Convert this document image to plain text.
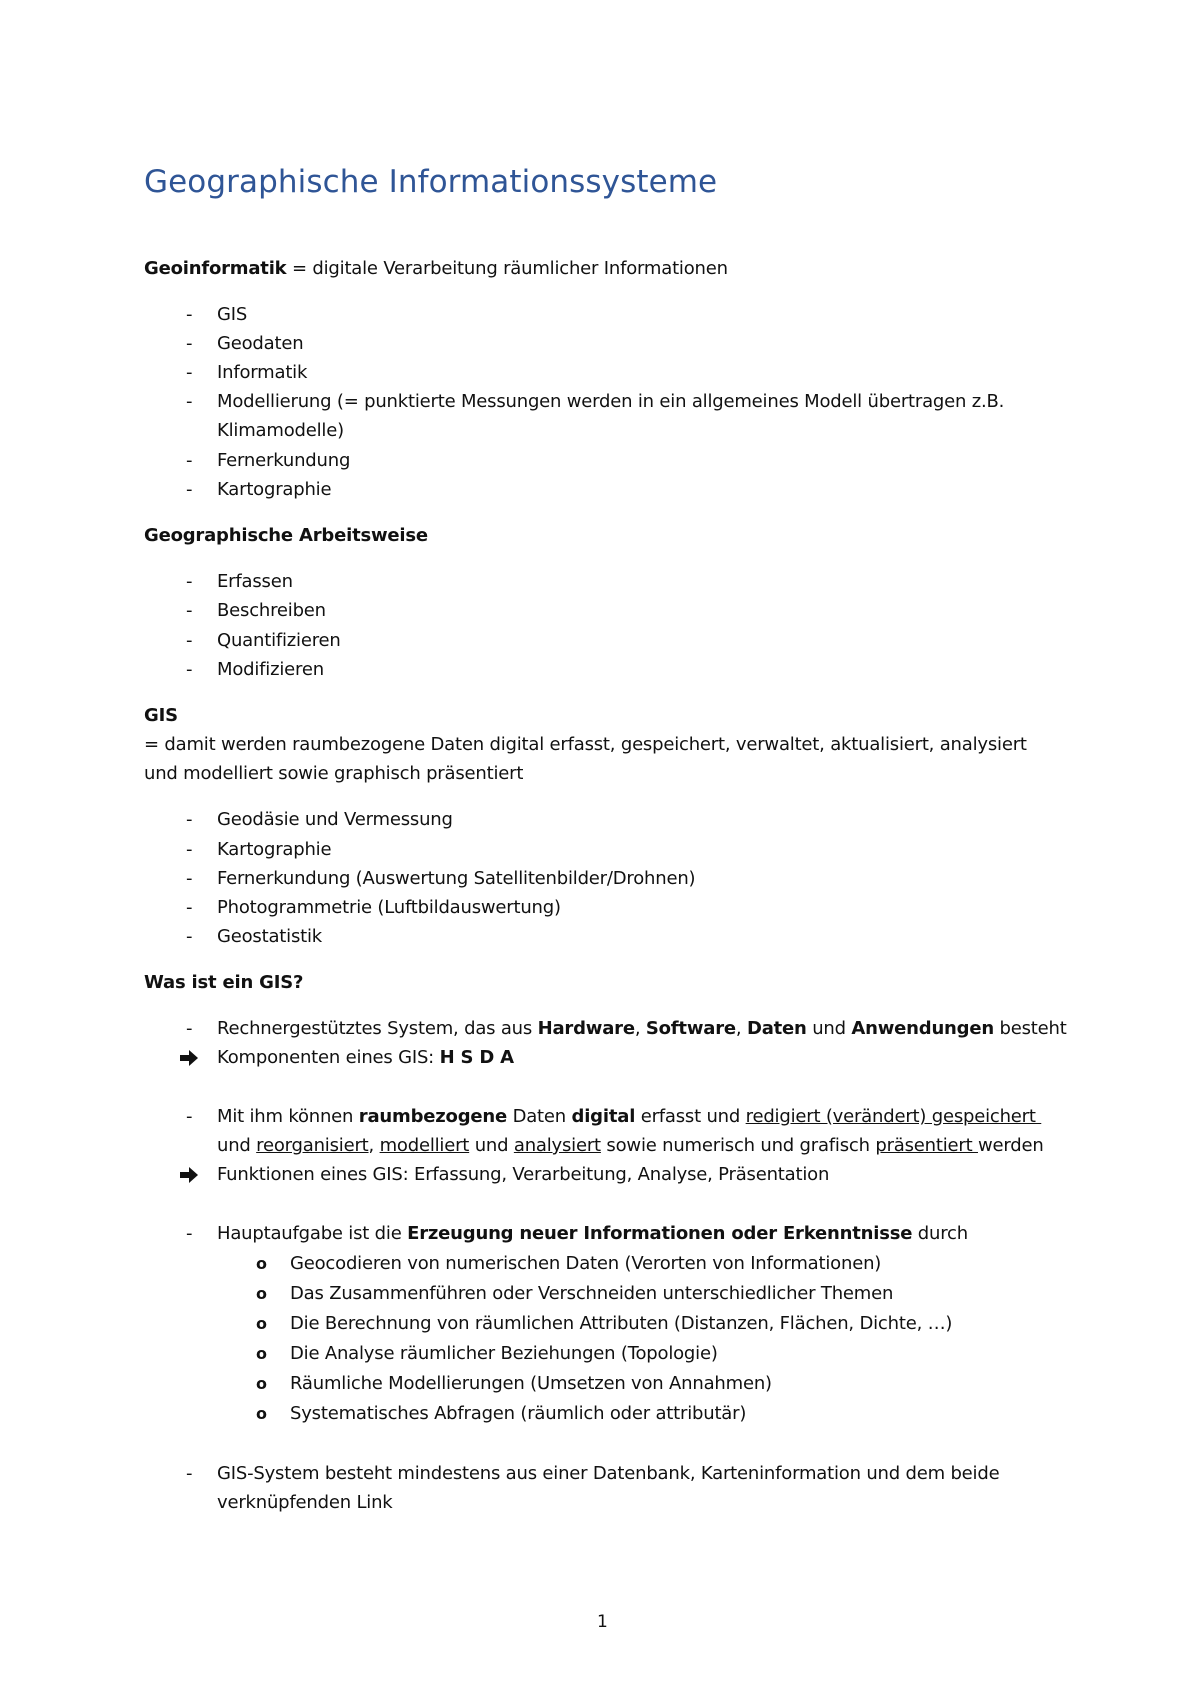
Geographische Informationssysteme
Geoinformatik = digitale Verarbeitung räumlicher Informationen
- GIS
- Geodaten
- Informatik
- Modellierung (= punktierte Messungen werden in ein allgemeines Modell übertragen z.B.
Klimamodelle)
- Fernerkundung
- Kartographie
Geographische Arbeitsweise
- Erfassen
- Beschreiben
- Quantifizieren
- Modifizieren
GIS
= damit werden raumbezogene Daten digital erfasst, gespeichert, verwaltet, aktualisiert, analysiert
und modelliert sowie graphisch präsentiert
- Geodäsie und Vermessung
- Kartographie
- Fernerkundung (Auswertung Satellitenbilder/Drohnen)
- Photogrammetrie (Luftbildauswertung)
- Geostatistik
Was ist ein GIS?
- Rechnergestütztes System, das aus Hardware, Software, Daten und Anwendungen besteht
Komponenten eines GIS: H S D A
- Mit ihm können raumbezogene Daten digital erfasst und redigiert (verändert) gespeichert
und reorganisiert, modelliert und analysiert sowie numerisch und grafisch präsentiert werden
Funktionen eines GIS: Erfassung, Verarbeitung, Analyse, Präsentation
- Hauptaufgabe ist die Erzeugung neuer Informationen oder Erkenntnisse durch
o Geocodieren von numerischen Daten (Verorten von Informationen)
o Das Zusammenführen oder Verschneiden unterschiedlicher Themen
o Die Berechnung von räumlichen Attributen (Distanzen, Flächen, Dichte, …)
o Die Analyse räumlicher Beziehungen (Topologie)
o Räumliche Modellierungen (Umsetzen von Annahmen)
o Systematisches Abfragen (räumlich oder attributär)
- GIS-System besteht mindestens aus einer Datenbank, Karteninformation und dem beide
verknüpfenden Link
1
